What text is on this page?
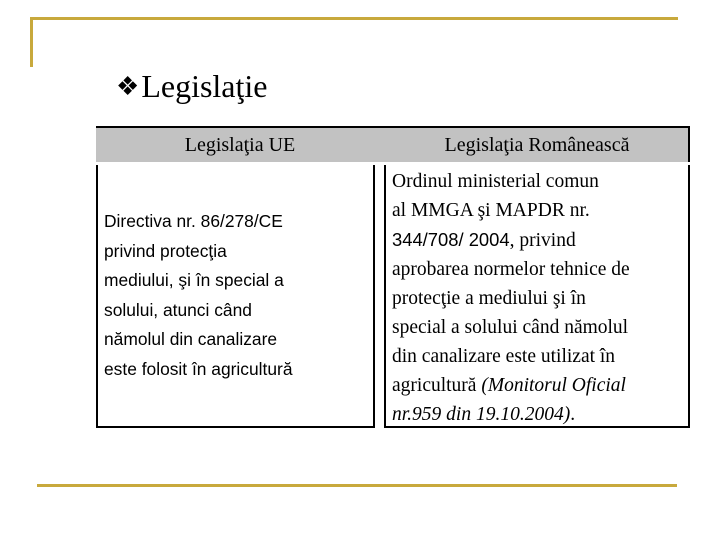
❖Legislaţie
Legislaţia UE	Legislaţia Românească
Directiva nr. 86/278/CE
privind protecţia
mediului, şi în special a
solului, atunci când
nămolul din canalizare
este folosit în agricultură
Ordinul ministerial comun
al MMGA şi MAPDR nr.
344/708/ 2004, privind
aprobarea normelor tehnice de
protecţie a mediului şi în
special a solului când nămolul
din canalizare este utilizat în
agricultură (Monitorul Oficial
nr.959 din 19.10.2004).
